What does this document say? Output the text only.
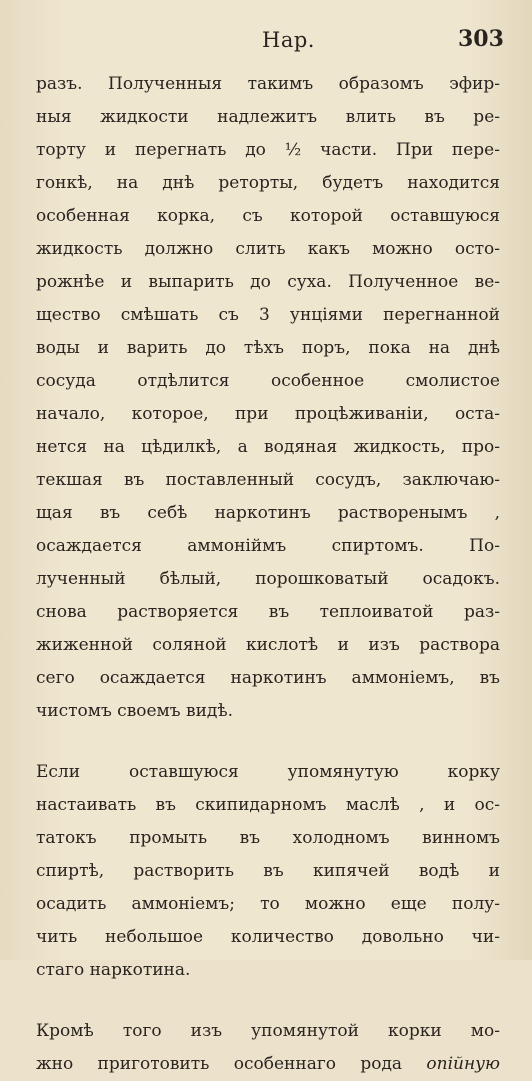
Нар.	303
разъ. Полученныя такимъ образомъ эфир-
ныя жидкости надлежитъ влить въ ре-
торту и перегнать до ½ части. При пере-
гонкѣ, на днѣ реторты, будетъ находится
особенная корка, съ которой оставшуюся
жидкость должно слить какъ можно остo-
рожнѣе и выпарить до суха. Полученное ве-
щество смѣшать съ 3 унціями перегнанной
воды и варить до тѣхъ поръ, пока на днѣ
сосуда отдѣлится особенное смолистое
начало, которое, при процѣживаніи, оста-
нется на цѣдилкѣ, а водяная жидкость, про-
текшая въ поставленный сосудъ, заключаю-
щая въ себѣ наркотинъ растворенымъ ,
осаждается аммоніймъ спиртомъ. По-
лученный бѣлый, порошковатый осадокъ.
снова растворяется въ теплоиватой раз-
жиженной соляной кислотѣ и изъ раствора
сего осаждается наркотинъ аммоніемъ, въ
чистомъ своемъ видѣ.
Если оставшуюся упомянутую корку
настаивать въ скипидарномъ маслѣ , и ос-
татокъ промыть въ холодномъ винномъ
спиртѣ, растворить въ кипячей водѣ и
осадить аммоніемъ; то можно еще полу-
чить небольшое количество довольно чи-
стаго наркотина.
Кромѣ того изъ упомянутой корки мо-
жно приготовить особеннаго рода опійную
